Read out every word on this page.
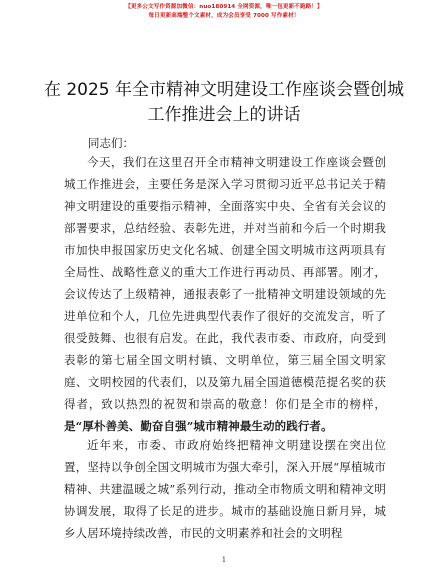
【更多公文写作资源加微信：nuo180914 全网资源，唯一包更新不跑路！】
每日更新高端整个文素材，成为会员享受 7000 写作素材！
在 2025 年全市精神文明建设工作座谈会暨创城工作推进会上的讲话
同志们：
今天，我们在这里召开全市精神文明建设工作座谈会暨创城工作推进会，主要任务是深入学习贯彻习近平总书记关于精神文明建设的重要指示精神，全面落实中央、全省有关会议的部署要求，总结经验、表彰先进，并对当前和今后一个时期我市加快申报国家历史文化名城、创建全国文明城市这两项具有全局性、战略性意义的重大工作进行再动员、再部署。刚才，会议传达了上级精神，通报表彰了一批精神文明建设领域的先进单位和个人，几位先进典型代表作了很好的交流发言，听了很受鼓舞、也很有启发。在此，我代表市委、市政府，向受到表彰的第七届全国文明村镇、文明单位，第三届全国文明家庭、文明校园的代表们，以及第九届全国道德模范提名奖的获得者，致以热烈的祝贺和崇高的敬意！你们是全市的榜样，是“厚朴善美、勤奋自强”城市精神最生动的践行者。
近年来，市委、市政府始终把精神文明建设摆在突出位置，坚持以争创全国文明城市为强大牵引，深入开展“厚植城市精神、共建温暖之城”系列行动，推动全市物质文明和精神文明协调发展，取得了长足的进步。城市的基础设施日新月异，城乡人居环境持续改善，市民的文明素养和社会的文明程
1
